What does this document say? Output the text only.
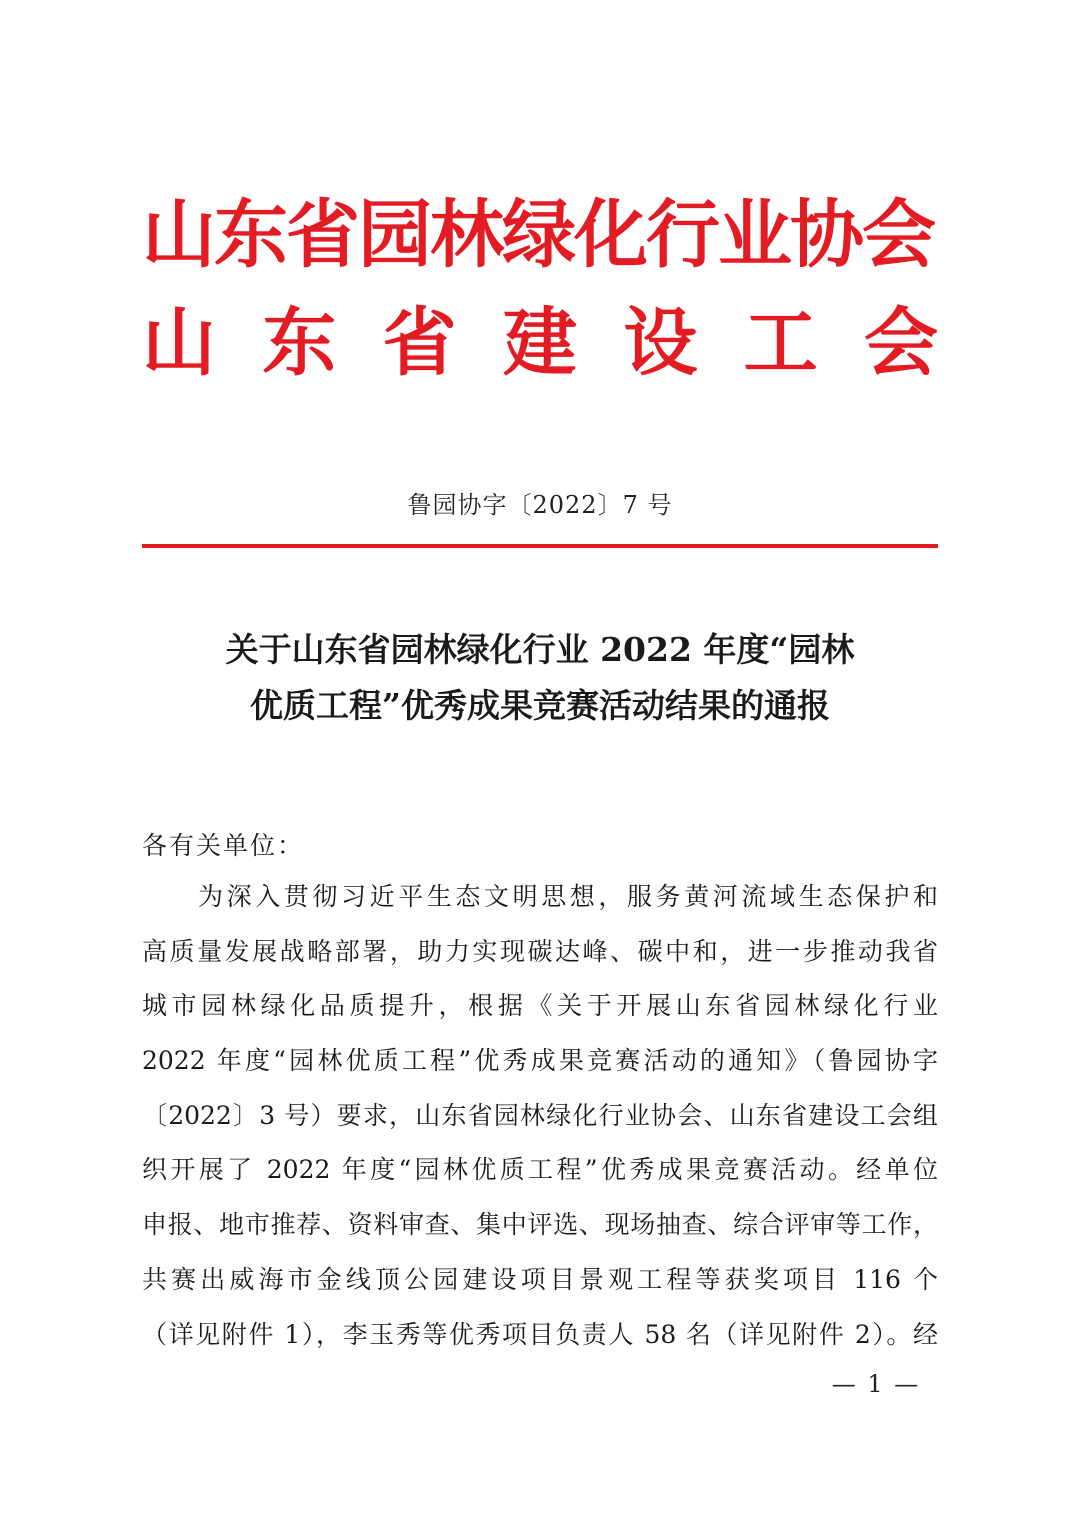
山东省园林绿化行业协会
山 东 省 建 设 工 会
鲁园协字〔2022〕7 号
关于山东省园林绿化行业 2022 年度“园林
优质工程”优秀成果竞赛活动结果的通报
各有关单位：
为深入贯彻习近平生态文明思想，服务黄河流域生态保护和
高质量发展战略部署，助力实现碳达峰、碳中和，进一步推动我省
城市园林绿化品质提升，根据《关于开展山东省园林绿化行业
2022 年度“园林优质工程”优秀成果竞赛活动的通知》（鲁园协字
〔2022〕3 号）要求，山东省园林绿化行业协会、山东省建设工会组
织开展了 2022 年度“园林优质工程”优秀成果竞赛活动。经单位
申报、地市推荐、资料审查、集中评选、现场抽查、综合评审等工作，
共赛出威海市金线顶公园建设项目景观工程等获奖项目 116 个
（详见附件 1），李玉秀等优秀项目负责人 58 名（详见附件 2）。经
— 1 —
